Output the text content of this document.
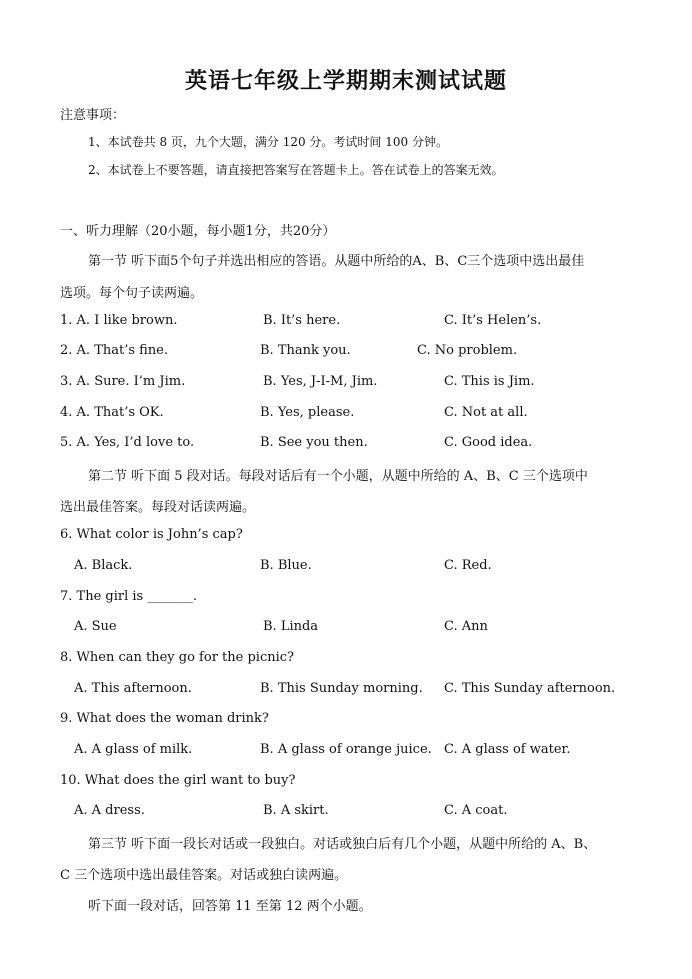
英语七年级上学期期末测试试题
注意事项：
1、本试卷共 8 页，九个大题，满分 120 分。考试时间 100 分钟。
2、本试卷上不要答题，请直接把答案写在答题卡上。答在试卷上的答案无效。
一、听力理解（20小题，每小题1分，共20分）
第一节 听下面5个句子并选出相应的答语。从题中所给的A、B、C三个选项中选出最佳
选项。每个句子读两遍。
1. A. I like brown.	B. It’s here.	C. It’s Helen’s.
2. A. That’s fine.	B. Thank you.	C. No problem.
3. A. Sure. I’m Jim.	B. Yes, J-I-M, Jim.	C. This is Jim.
4. A. That’s OK.	B. Yes, please.	C. Not at all.
5. A. Yes, I’d love to.	B. See you then.	C. Good idea.
第二节 听下面 5 段对话。每段对话后有一个小题，从题中所给的 A、B、C 三个选项中
选出最佳答案。每段对话读两遍。
6. What color is John’s cap?
A. Black.	B. Blue.	C. Red.
7. The girl is _______.
A. Sue	B. Linda	C. Ann
8. When can they go for the picnic?
A. This afternoon.	B. This Sunday morning. C. This Sunday afternoon.
9. What does the woman drink?
A. A glass of milk.	B. A glass of orange juice. C. A glass of water.
10. What does the girl want to buy?
A. A dress.	B. A skirt.	C. A coat.
第三节 听下面一段长对话或一段独白。对话或独白后有几个小题，从题中所给的 A、B、
C 三个选项中选出最佳答案。对话或独白读两遍。
听下面一段对话，回答第 11 至第 12 两个小题。
